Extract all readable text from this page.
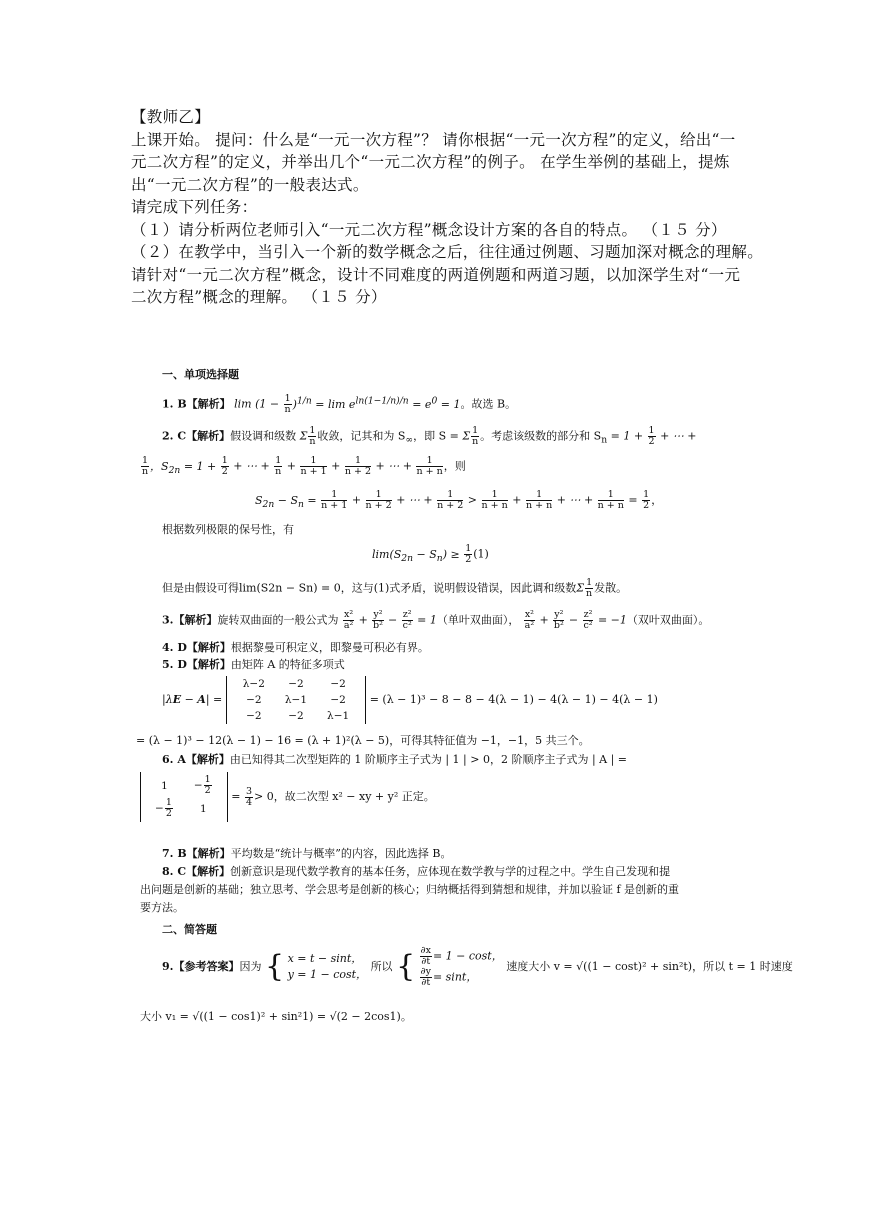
【教师乙】
上课开始。 提问：什么是“一元一次方程”？ 请你根据“一元一次方程”的定义，给出“一
元二次方程”的定义，并举出几个“一元二次方程”的例子。 在学生举例的基础上，提炼
出“一元二次方程”的一般表达式。
请完成下列任务：
（１）请分析两位老师引入“一元二次方程”概念设计方案的各自的特点。 （１５ 分）
（２）在教学中，当引入一个新的数学概念之后，往往通过例题、习题加深对概念的理解。
请针对“一元二次方程”概念，设计不同难度的两道例题和两道习题，以加深学生对“一元
二次方程”概念的理解。 （１５ 分）
一、单项选择题
1. B【解析】 $\lim (1 - \frac{1}{n} )^{1/n} = \lim e^{ln(1-1/n)/n} = e^0 = 1$。故选 B。
2. C【解析】假设调和级数 Σ $\frac{1}{n}$ 收敛，记其和为 $S_\infty$，即 S = Σ $\frac{1}{n}$ 。考虑该级数的部分和 $S_n = 1 + \frac{1}{2}$ + ⋯ +
$\frac{1}{n}$ ，$S_{2n} = 1 + \frac{1}{2}$ + ⋯ + $\frac{1}{n} + \frac{1}{n + 1} + \frac{1}{n + 2}$ + ⋯ + $\frac{1}{n + n}$ ，则
$S_{2n} - S_n = \frac{1}{n + 1} + \frac{1}{n + 2}$ + ⋯ + $\frac{1}{n + 2} > \frac{1}{n + n} + \frac{1}{n + n}$ + ⋯ + $\frac{1}{n + n} = \frac{1}{2}$ ，
根据数列极限的保号性，有
$\lim(S_{2n} - S_n) \ge \frac{1}{2} (1)$
但是由假设可得lim(S2n − Sn) = 0，这与(1)式矛盾，说明假设错误，因此调和级数Σ $\frac{1}{n}$ 发散。
3.【解析】旋转双曲面的一般公式为 $\frac{\text{x²}}{\text{a²}} + \frac{\text{y²}}{\text{b²}} - \frac{\text{z²}}{\text{c²}} = 1$（单叶双曲面）， $\frac{\text{x²}}{\text{a²}} + \frac{\text{y²}}{\text{b²}} - \frac{\text{z²}}{\text{c²}} = -1$（双叶双曲面）。
4. D【解析】根据黎曼可积定义，即黎曼可积必有界。
5. D【解析】由矩阵 A 的特征多项式
|λE − A| =
λ−2	−2	−2
−2	λ−1	−2
−2	−2	λ−1
= (λ − 1)³ − 8 − 8 − 4(λ − 1) − 4(λ − 1) − 4(λ − 1)
= (λ − 1)³ − 12(λ − 1) − 16 = (λ + 1)²(λ − 5)，可得其特征值为 −1，−1，5 共三个。
6. A【解析】由已知得其二次型矩阵的 1 阶顺序主子式为 | 1 | > 0，2 阶顺序主子式为 | A | =
1	− $\frac{1}{2}$

− $\frac{1}{2}$	1
= $\frac{3}{4} > 0$，故二次型 x² − xy + y² 正定。
7. B【解析】平均数是“统计与概率”的内容，因此选择 B。
8. C【解析】创新意识是现代数学教育的基本任务，应体现在数学教与学的过程之中。学生自己发现和提
出问题是创新的基础；独立思考、学会思考是创新的核心；归纳概括得到猜想和规律，并加以验证 f 是创新的重
要方法。
二、简答题
9.【参考答案】因为 { x = t − sint，
y = 1 − cost， 所以 { $\frac{\partial x}{\partial t} = 1 - \cos t$，

$\frac{\partial y}{\partial t} = \sin t$， 速度大小 v = √((1 − cost)² + sin²t)，所以 t = 1 时速度
大小 v₁ = √((1 − cos1)² + sin²1) = √(2 − 2cos1)。
